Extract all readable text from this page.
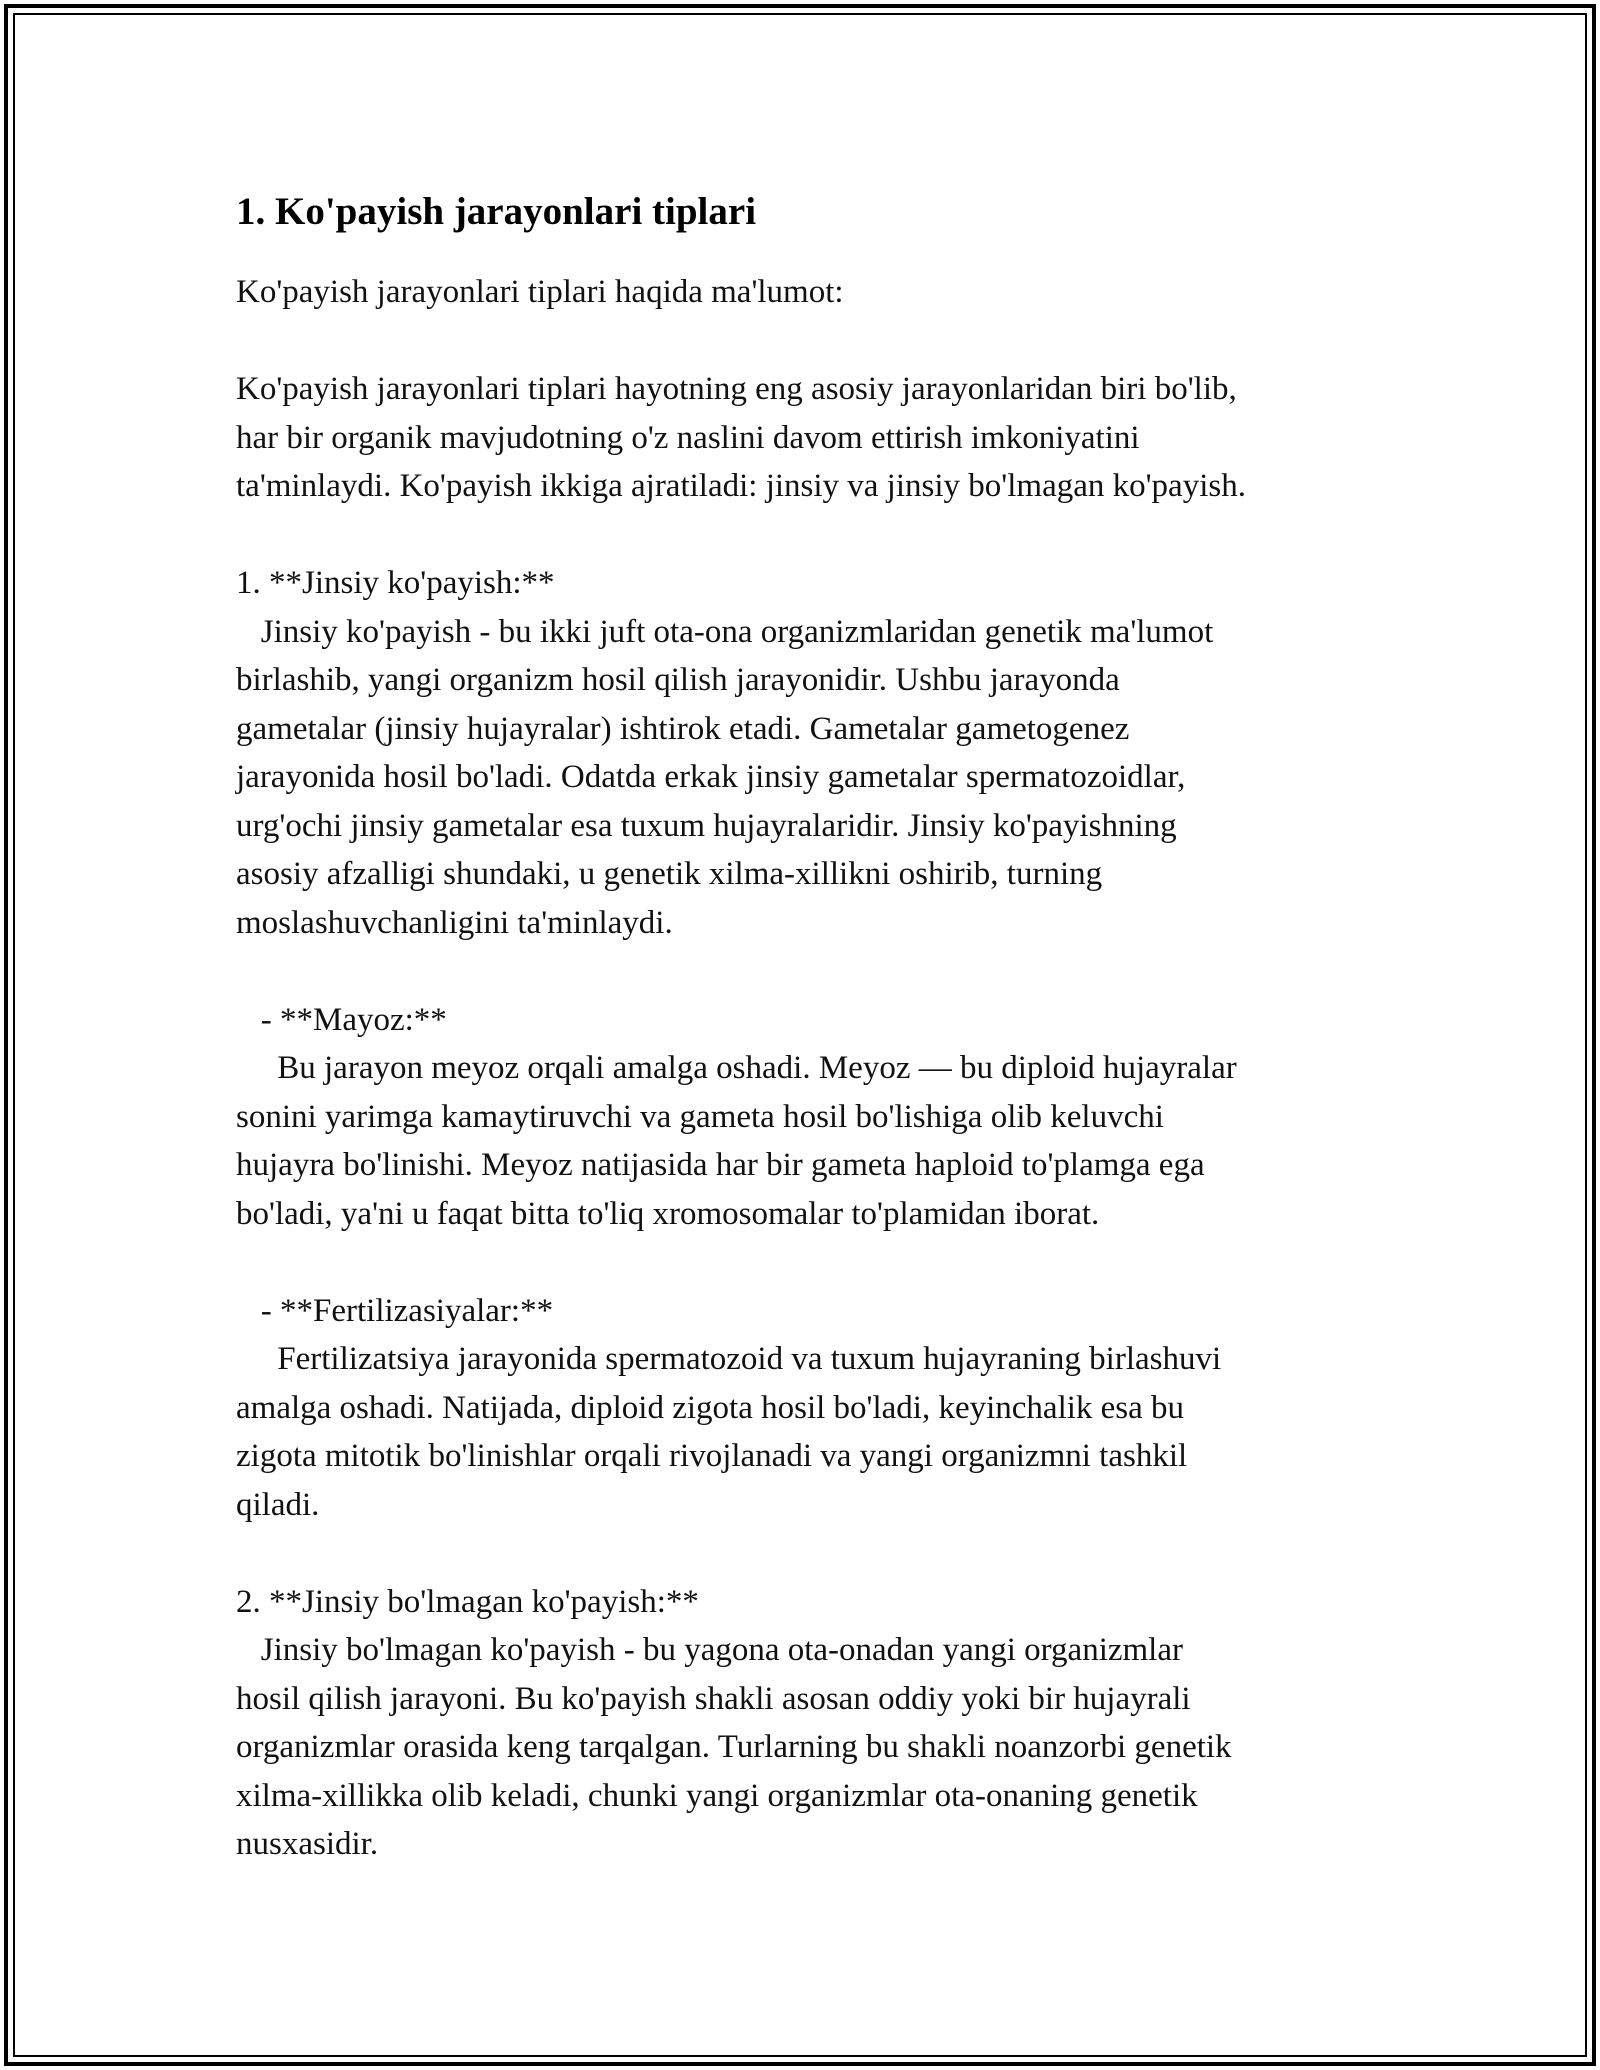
1. Ko'payish jarayonlari tiplari

Ko'payish jarayonlari tiplari haqida ma'lumot:

Ko'payish jarayonlari tiplari hayotning eng asosiy jarayonlaridan biri bo'lib,
har bir organik mavjudotning o'z naslini davom ettirish imkoniyatini
ta'minlaydi. Ko'payish ikkiga ajratiladi: jinsiy va jinsiy bo'lmagan ko'payish.

1. **Jinsiy ko'payish:**

Jinsiy ko'payish - bu ikki juft ota-ona organizmlaridan genetik ma'lumot
birlashib, yangi organizm hosil qilish jarayonidir. Ushbu jarayonda
gametalar (jinsiy hujayralar) ishtirok etadi. Gametalar gametogenez
jarayonida hosil bo'ladi. Odatda erkak jinsiy gametalar spermatozoidlar,
urg'ochi jinsiy gametalar esa tuxum hujayralaridir. Jinsiy ko'payishning
asosiy afzalligi shundaki, u genetik xilma-xillikni oshirib, turning
moslashuvchanligini ta'minlaydi.

- **Mayoz:**

Bu jarayon meyoz orqali amalga oshadi. Meyoz — bu diploid hujayralar
sonini yarimga kamaytiruvchi va gameta hosil bo'lishiga olib keluvchi
hujayra bo'linishi. Meyoz natijasida har bir gameta haploid to'plamga ega
bo'ladi, ya'ni u faqat bitta to'liq xromosomalar to'plamidan iborat.

- **Fertilizasiyalar:**

Fertilizatsiya jarayonida spermatozoid va tuxum hujayraning birlashuvi
amalga oshadi. Natijada, diploid zigota hosil bo'ladi, keyinchalik esa bu
zigota mitotik bo'linishlar orqali rivojlanadi va yangi organizmni tashkil
qiladi.

2. **Jinsiy bo'lmagan ko'payish:**

Jinsiy bo'lmagan ko'payish - bu yagona ota-onadan yangi organizmlar
hosil qilish jarayoni. Bu ko'payish shakli asosan oddiy yoki bir hujayrali
organizmlar orasida keng tarqalgan. Turlarning bu shakli noanzorbi genetik
xilma-xillikka olib keladi, chunki yangi organizmlar ota-onaning genetik
nusxasidir.
